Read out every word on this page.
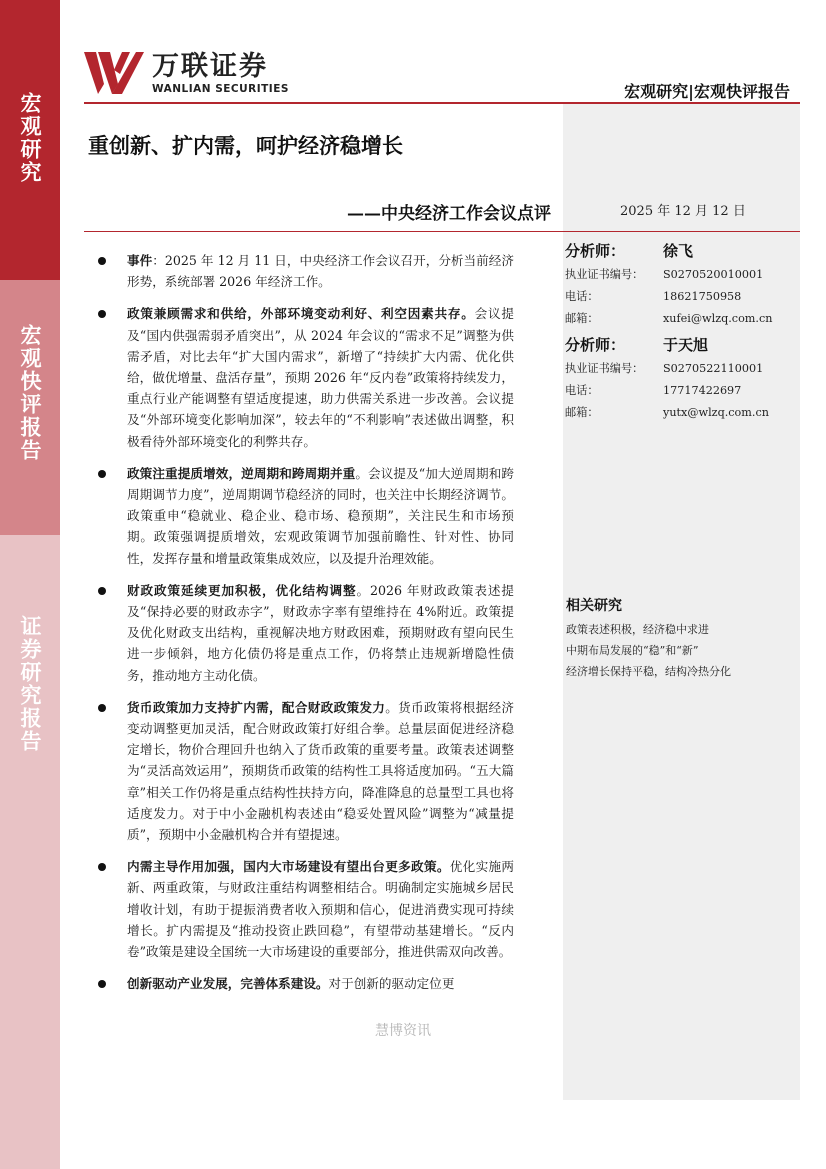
宏观研究
宏观快评报告
证券研究报告
万联证券
WANLIAN SECURITIES	宏观研究|宏观快评报告
重创新、扩内需，呵护经济稳增长
——中央经济工作会议点评	2025 年 12 月 12 日
事件：2025 年 12 月 11 日，中央经济工作会议召开，分析当前经济形势，系统部署 2026 年经济工作。
政策兼顾需求和供给，外部环境变动利好、利空因素共存。会议提及“国内供强需弱矛盾突出”，从 2024 年会议的“需求不足”调整为供需矛盾，对比去年“扩大国内需求”，新增了“持续扩大内需、优化供给，做优增量、盘活存量”，预期 2026 年“反内卷”政策将持续发力，重点行业产能调整有望适度提速，助力供需关系进一步改善。会议提及“外部环境变化影响加深”，较去年的“不利影响”表述做出调整，积极看待外部环境变化的利弊共存。
政策注重提质增效，逆周期和跨周期并重。会议提及“加大逆周期和跨周期调节力度”，逆周期调节稳经济的同时，也关注中长期经济调节。政策重申“稳就业、稳企业、稳市场、稳预期”，关注民生和市场预期。政策强调提质增效，宏观政策调节加强前瞻性、针对性、协同性，发挥存量和增量政策集成效应，以及提升治理效能。
财政政策延续更加积极，优化结构调整。2026 年财政政策表述提及“保持必要的财政赤字”，财政赤字率有望维持在 4%附近。政策提及优化财政支出结构，重视解决地方财政困难，预期财政有望向民生进一步倾斜，地方化债仍将是重点工作，仍将禁止违规新增隐性债务，推动地方主动化债。
货币政策加力支持扩内需，配合财政政策发力。货币政策将根据经济变动调整更加灵活，配合财政政策打好组合拳。总量层面促进经济稳定增长，物价合理回升也纳入了货币政策的重要考量。政策表述调整为“灵活高效运用”，预期货币政策的结构性工具将适度加码。“五大篇章”相关工作仍将是重点结构性扶持方向，降准降息的总量型工具也将适度发力。对于中小金融机构表述由“稳妥处置风险”调整为“减量提质”，预期中小金融机构合并有望提速。
内需主导作用加强，国内大市场建设有望出台更多政策。优化实施两新、两重政策，与财政注重结构调整相结合。明确制定实施城乡居民增收计划，有助于提振消费者收入预期和信心，促进消费实现可持续增长。扩内需提及“推动投资止跌回稳”，有望带动基建增长。“反内卷”政策是建设全国统一大市场建设的重要部分，推进供需双向改善。
创新驱动产业发展，完善体系建设。对于创新的驱动定位更
分析师：	徐飞
执业证书编号：	S0270520010001
电话：	18621750958
邮箱：	xufei@wlzq.com.cn
分析师：	于天旭
执业证书编号：	S0270522110001
电话：	17717422697
邮箱：	yutx@wlzq.com.cn
相关研究
政策表述积极，经济稳中求进
中期布局发展的“稳”和“新”
经济增长保持平稳，结构冷热分化
慧博资讯
